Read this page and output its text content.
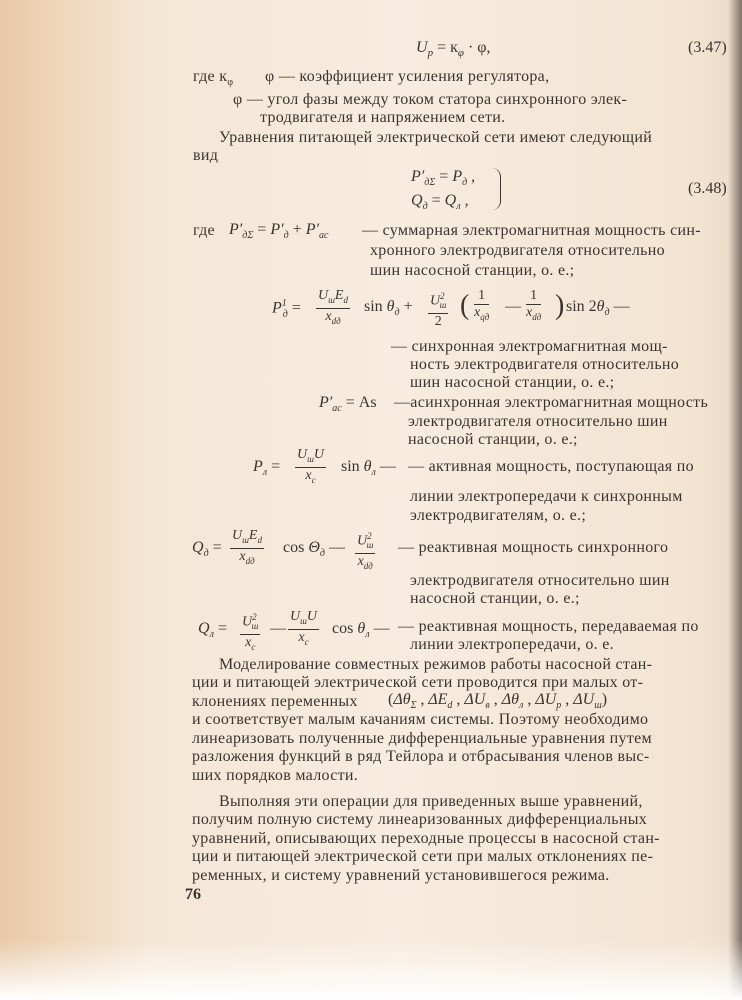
$U_p = к_\varphi \cdot \varphi$,	(3.47)
где $к_\varphi$ φ — коэффициент усиления регулятора,
φ — угол фазы между током статора синхронного элек-
тродвигателя и напряжением сети.
Уравнения питающей электрической сети имеют следующий
вид
$P'_{д\Sigma} = P_д$ ,
$Q_д = Q_л$ ,
(3.48)
где $P'_{д\Sigma} = P'_д + P'_{ас}$ — суммарная электромагнитная мощность син-
хронного электродвигателя относительно
шин насосной станции, о. е.;
$P^1_д$ =
$U_шE_d$
$x_{dд}$
$\sin \theta_д + U^2_ш$
2
( 1
$x_{qд}$
—
1
$x_{dд}$ ) $\sin 2\theta_д$ —
— синхронная электромагнитная мощ-
ность электродвигателя относительно
шин насосной станции, о. е.;
$P'_{ас} = As$ —асинхронная электромагнитная мощность
электродвигателя относительно шин
насосной станции, о. е.;
$P_л$ =
$U_шU$
$x_с$
$\sin \theta_л$ — — активная мощность, поступающая по
линии электропередачи к синхронным
электродвигателям, о. е.;
$Q_д$ =
$U_шE_d$
$x_{dд}$
$\cos \Theta_д$ — $U^2_ш$
$x_{dд}$
— реактивная мощность синхронного
электродвигателя относительно шин
насосной станции, о. е.;
$Q_л = U^2_ш$
$x_с$
—
$U_шU$
$x_с$
$\cos \theta_л$ — — реактивная мощность, передаваемая по
линии электропередачи, о. е.
Моделирование совместных режимов работы насосной стан-
ции и питающей электрической сети проводится при малых от-
клонениях переменных ($\Delta\theta_\Sigma$ , $\Delta E_d$ , $\Delta U_в$ , $\Delta\theta_л$ , $\Delta U_р$ , $\Delta U_ш$)
и соответствует малым качаниям системы. Поэтому необходимо
линеаризовать полученные дифференциальные уравнения путем
разложения функций в ряд Тейлора и отбрасывания членов выс-
ших порядков малости.
Выполняя эти операции для приведенных выше уравнений,
получим полную систему линеаризованных дифференциальных
уравнений, описывающих переходные процессы в насосной стан-
ции и питающей электрической сети при малых отклонениях пе-
ременных, и систему уравнений установившегося режима.
76
